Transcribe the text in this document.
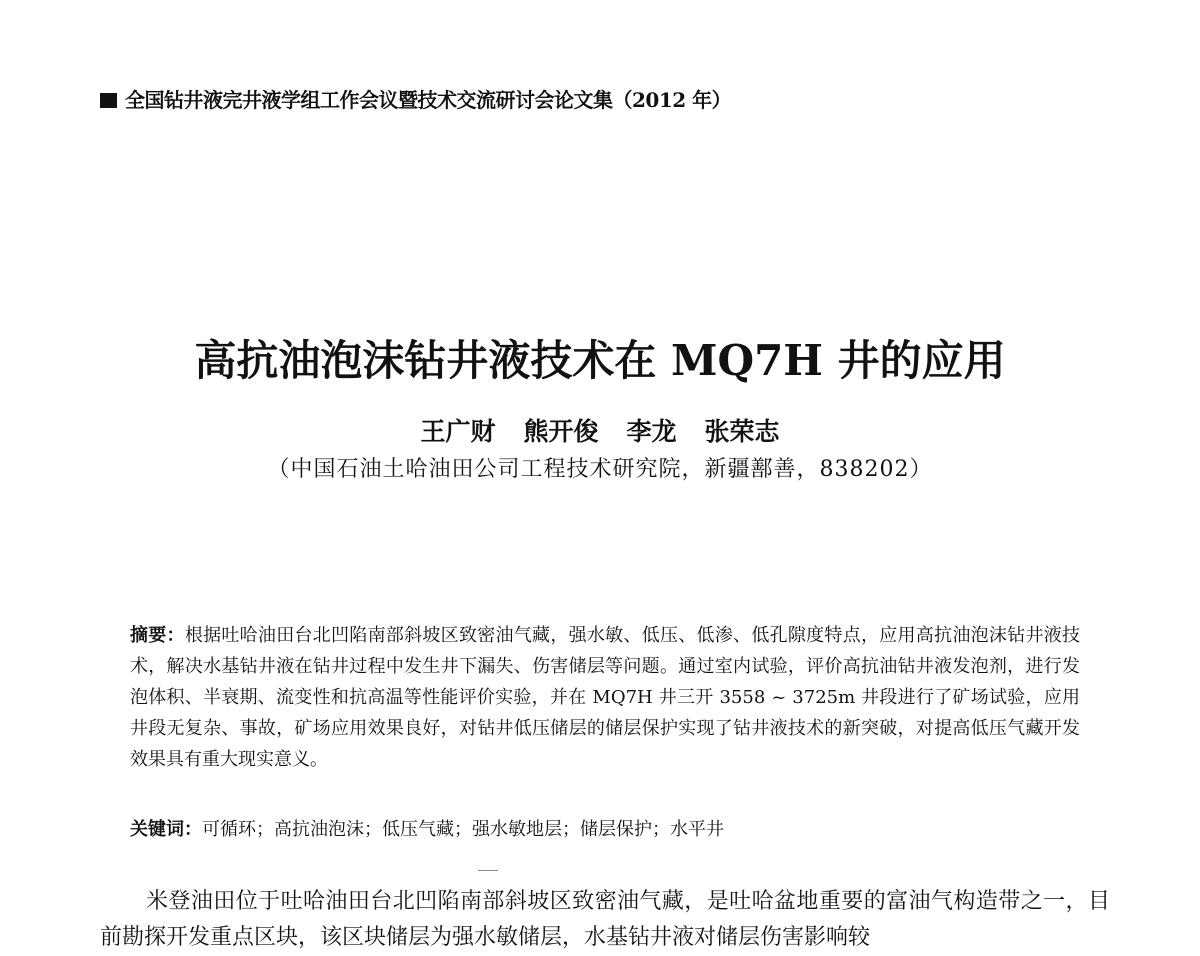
全国钻井液完井液学组工作会议暨技术交流研讨会论文集（2012 年）
高抗油泡沫钻井液技术在 MQ7H 井的应用
王广财 熊开俊 李龙 张荣志
（中国石油土哈油田公司工程技术研究院，新疆鄯善，838202）
摘要：根据吐哈油田台北凹陷南部斜坡区致密油气藏，强水敏、低压、低渗、低孔隙度特点，应用高抗油泡沫钻井液技术，解决水基钻井液在钻井过程中发生井下漏失、伤害储层等问题。通过室内试验，评价高抗油钻井液发泡剂，进行发泡体积、半衰期、流变性和抗高温等性能评价实验，并在 MQ7H 井三开 3558 ~ 3725m 井段进行了矿场试验，应用井段无复杂、事故，矿场应用效果良好，对钻井低压储层的储层保护实现了钻井液技术的新突破，对提高低压气藏开发效果具有重大现实意义。
关键词：可循环；高抗油泡沫；低压气藏；强水敏地层；储层保护；水平井
米登油田位于吐哈油田台北凹陷南部斜坡区致密油气藏，是吐哈盆地重要的富油气构造带之一，目前勘探开发重点区块，该区块储层为强水敏储层，水基钻井液对储层伤害影响较
